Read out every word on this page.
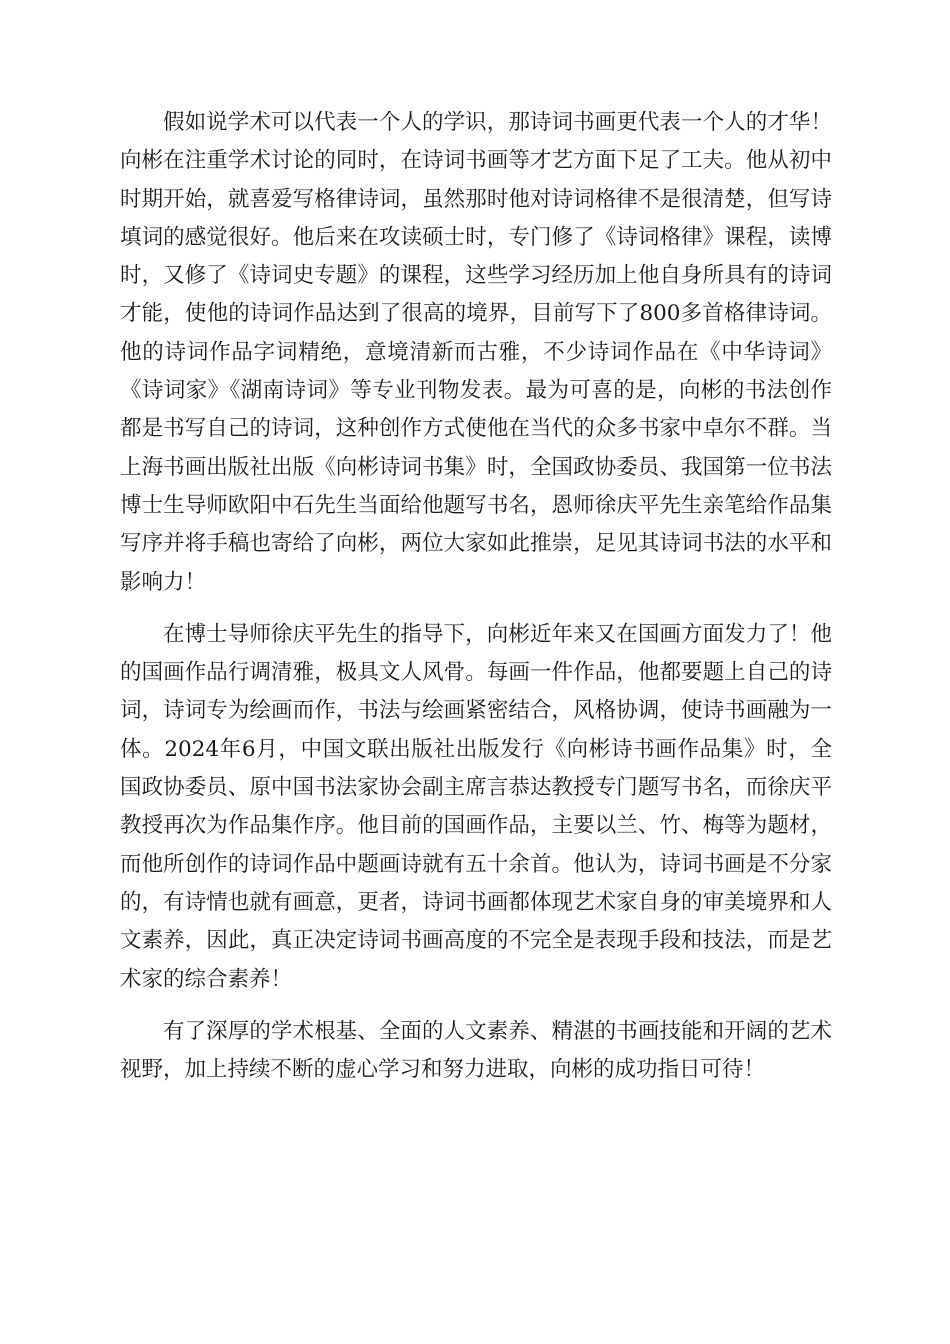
假如说学术可以代表一个人的学识，那诗词书画更代表一个人的才华！向彬在注重学术讨论的同时，在诗词书画等才艺方面下足了工夫。他从初中时期开始，就喜爱写格律诗词，虽然那时他对诗词格律不是很清楚，但写诗填词的感觉很好。他后来在攻读硕士时，专门修了《诗词格律》课程，读博时，又修了《诗词史专题》的课程，这些学习经历加上他自身所具有的诗词才能，使他的诗词作品达到了很高的境界，目前写下了800多首格律诗词。他的诗词作品字词精绝，意境清新而古雅，不少诗词作品在《中华诗词》《诗词家》《湖南诗词》等专业刊物发表。最为可喜的是，向彬的书法创作都是书写自己的诗词，这种创作方式使他在当代的众多书家中卓尔不群。当上海书画出版社出版《向彬诗词书集》时，全国政协委员、我国第一位书法博士生导师欧阳中石先生当面给他题写书名，恩师徐庆平先生亲笔给作品集写序并将手稿也寄给了向彬，两位大家如此推崇，足见其诗词书法的水平和影响力！

在博士导师徐庆平先生的指导下，向彬近年来又在国画方面发力了！他的国画作品行调清雅，极具文人风骨。每画一件作品，他都要题上自己的诗词，诗词专为绘画而作，书法与绘画紧密结合，风格协调，使诗书画融为一体。2024年6月，中国文联出版社出版发行《向彬诗书画作品集》时，全国政协委员、原中国书法家协会副主席言恭达教授专门题写书名，而徐庆平教授再次为作品集作序。他目前的国画作品，主要以兰、竹、梅等为题材，而他所创作的诗词作品中题画诗就有五十余首。他认为，诗词书画是不分家的，有诗情也就有画意，更者，诗词书画都体现艺术家自身的审美境界和人文素养，因此，真正决定诗词书画高度的不完全是表现手段和技法，而是艺术家的综合素养！

有了深厚的学术根基、全面的人文素养、精湛的书画技能和开阔的艺术视野，加上持续不断的虚心学习和努力进取，向彬的成功指日可待！
